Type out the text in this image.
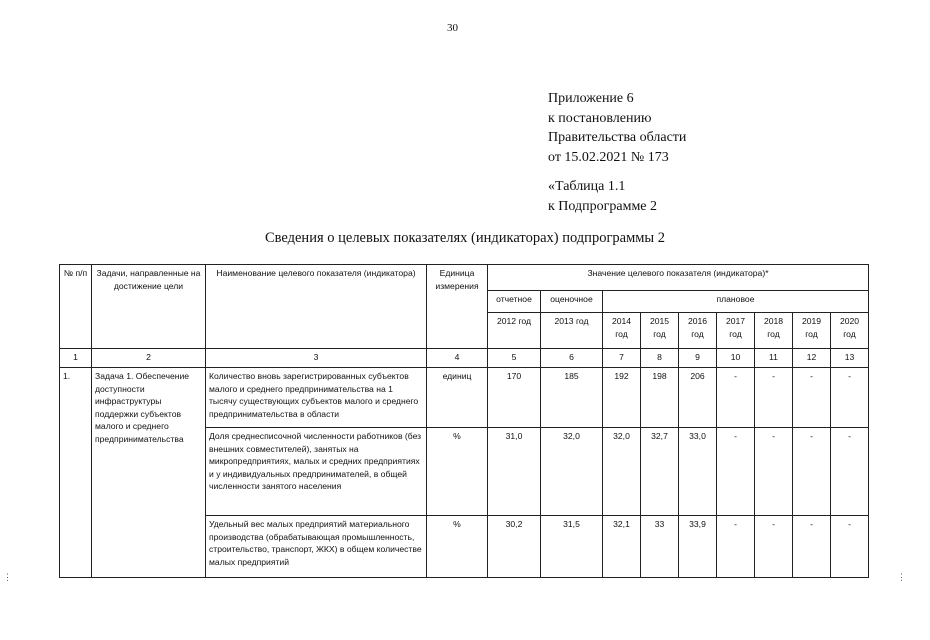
30
Приложение 6
к постановлению
Правительства области
от 15.02.2021 № 173
«Таблица 1.1
к Подпрограмме 2
Сведения о целевых показателях (индикаторах) подпрограммы 2
№ п/п	Задачи, направленные на достижение цели	Наименование целевого показателя (индикатора)	Единица измерения	Значение целевого показателя (индикатора)*								
				отчетное	оценочное	плановое						
				2012 год	2013 год	2014 год	2015 год	2016 год	2017 год	2018 год	2019 год	2020 год
1	2	3	4	5	6	7	8	9	10	11	12	13
1.	Задача 1. Обеспечение доступности инфраструктуры поддержки субъектов малого и среднего предпринимательства	Количество вновь зарегистрированных субъектов малого и среднего предпринимательства на 1 тысячу существующих субъектов малого и среднего предпринимательства в области	единиц	170	185	192	198	206	-	-	-	-
		Доля среднесписочной численности работников (без внешних совместителей), занятых на микропредприятиях, малых и средних предприятиях и у индивидуальных предпринимателей, в общей численности занятого населения	%	31,0	32,0	32,0	32,7	33,0	-	-	-	-
		Удельный вес малых предприятий материального производства (обрабатывающая промышленность, строительство, транспорт, ЖКХ) в общем количестве малых предприятий	%	30,2	31,5	32,1	33	33,9	-	-	-	-
⋮	⋮
